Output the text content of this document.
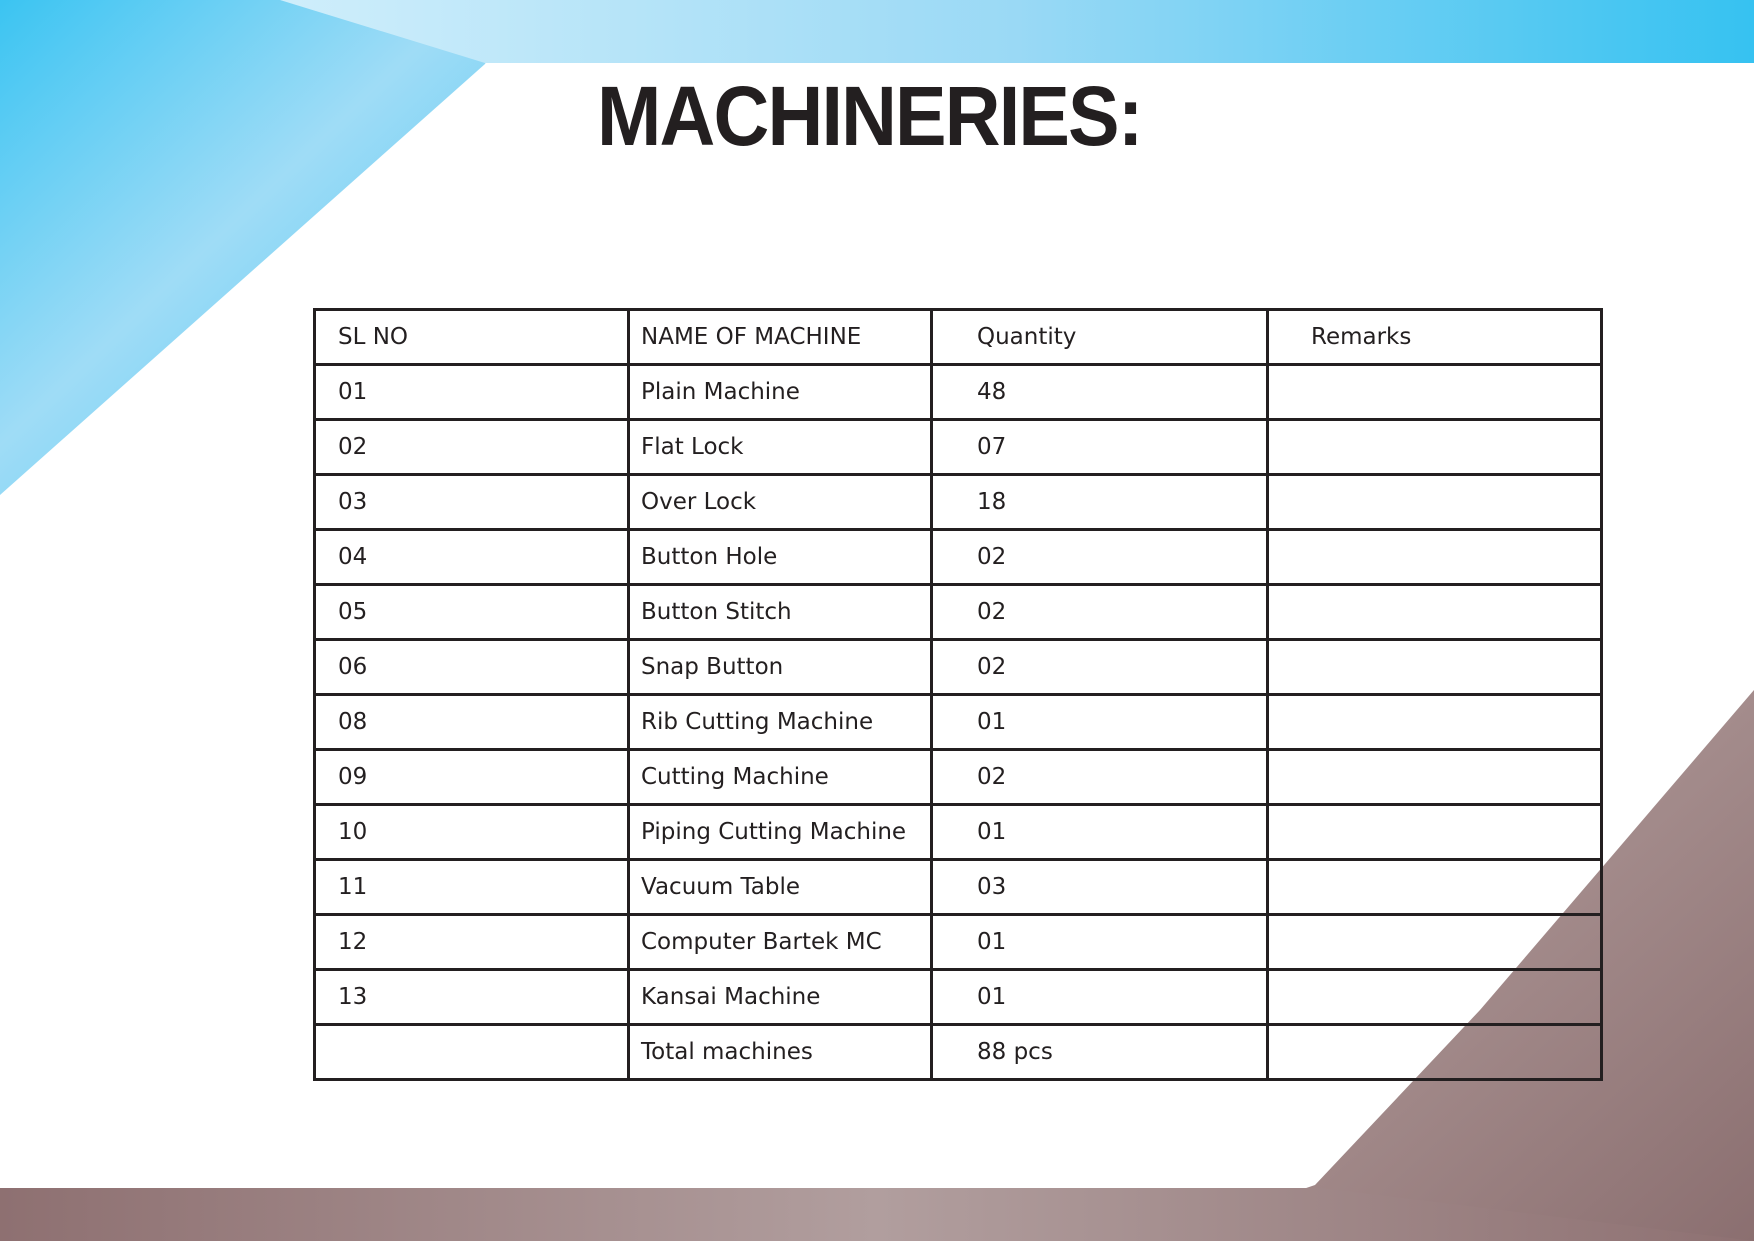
MACHINERIES:
SL NO	NAME OF MACHINE	Quantity	Remarks
01	Plain Machine	48	
02	Flat Lock	07	
03	Over Lock	18	
04	Button Hole	02	
05	Button Stitch	02	
06	Snap Button	02	
08	Rib Cutting Machine	01	
09	Cutting Machine	02	
10	Piping Cutting Machine	01	
11	Vacuum Table	03	
12	Computer Bartek MC	01	
13	Kansai Machine	01	
	Total machines	88 pcs	
